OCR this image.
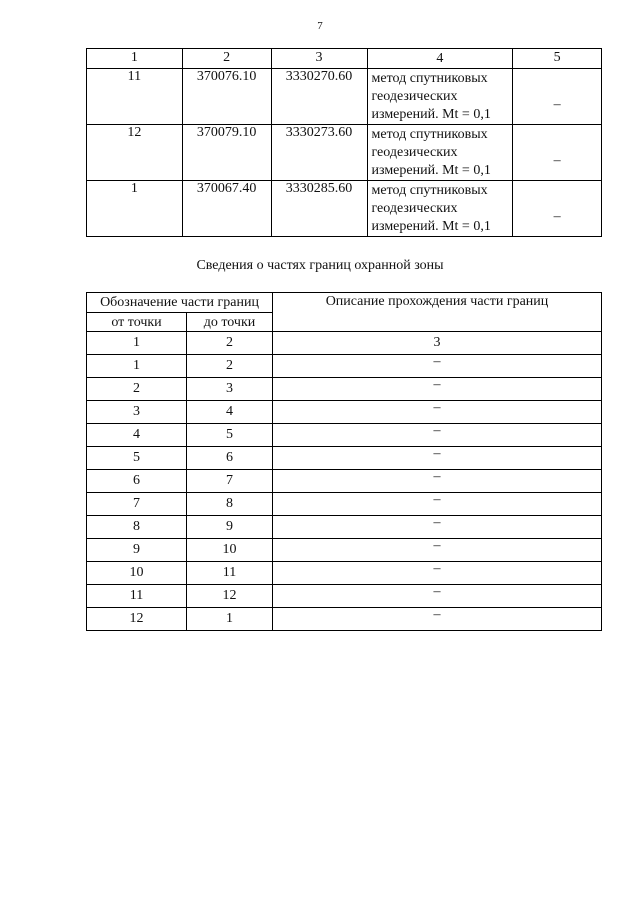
7
1	2	3	4	5
11	370076.10	3330270.60	метод спутниковых
геодезических
измерений. Mt = 0,1	–
12	370079.10	3330273.60	метод спутниковых
геодезических
измерений. Mt = 0,1	–
1	370067.40	3330285.60	метод спутниковых
геодезических
измерений. Mt = 0,1	–
Сведения о частях границ охранной зоны
Обозначение части границ		Описание прохождения части границ
от точки	до точки	
1	2	3
1	2	–
2	3	–
3	4	–
4	5	–
5	6	–
6	7	–
7	8	–
8	9	–
9	10	–
10	11	–
11	12	–
12	1	–
